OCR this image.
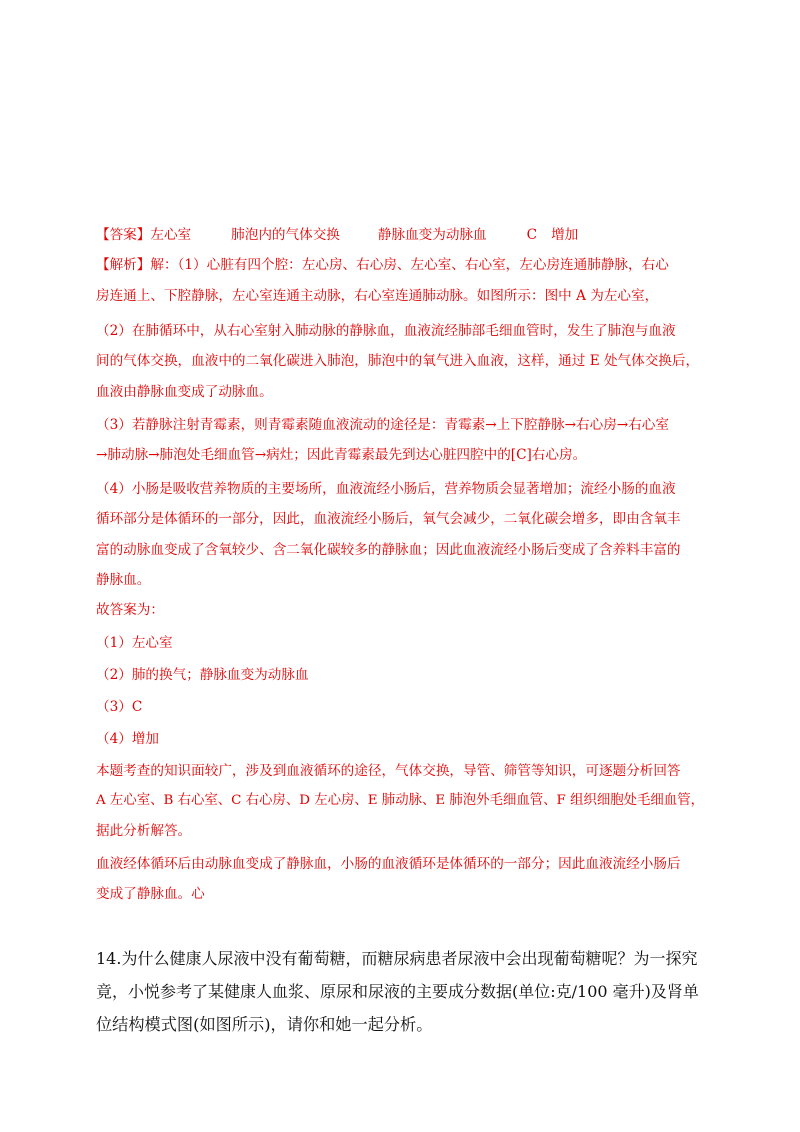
【答案】左心室	肺泡内的气体交换	静脉血变为动脉血	C 增加
【解析】解：（1）心脏有四个腔：左心房、右心房、左心室、右心室，左心房连通肺静脉，右心
房连通上、下腔静脉，左心室连通主动脉，右心室连通肺动脉。如图所示：图中 A 为左心室，
（2）在肺循环中，从右心室射入肺动脉的静脉血，血液流经肺部毛细血管时，发生了肺泡与血液
间的气体交换，血液中的二氧化碳进入肺泡，肺泡中的氧气进入血液，这样，通过 E 处气体交换后，
血液由静脉血变成了动脉血。
（3）若静脉注射青霉素，则青霉素随血液流动的途径是：青霉素→上下腔静脉→右心房→右心室
→肺动脉→肺泡处毛细血管→病灶；因此青霉素最先到达心脏四腔中的[C]右心房。
（4）小肠是吸收营养物质的主要场所，血液流经小肠后，营养物质会显著增加；流经小肠的血液
循环部分是体循环的一部分，因此，血液流经小肠后，氧气会减少，二氧化碳会增多，即由含氧丰
富的动脉血变成了含氧较少、含二氧化碳较多的静脉血；因此血液流经小肠后变成了含养料丰富的
静脉血。
故答案为：
（1）左心室
（2）肺的换气；静脉血变为动脉血
（3）C
（4）增加
本题考查的知识面较广，涉及到血液循环的途径，气体交换，导管、筛管等知识，可逐题分析回答
A 左心室、B 右心室、C 右心房、D 左心房、E 肺动脉、E 肺泡外毛细血管、F 组织细胞处毛细血管，
据此分析解答。
血液经体循环后由动脉血变成了静脉血，小肠的血液循环是体循环的一部分；因此血液流经小肠后
变成了静脉血。心
14.为什么健康人尿液中没有葡萄糖，而糖尿病患者尿液中会出现葡萄糖呢？为一探究
竟，小悦参考了某健康人血浆、原尿和尿液的主要成分数据(单位:克/100 毫升)及肾单
位结构模式图(如图所示)，请你和她一起分析。
